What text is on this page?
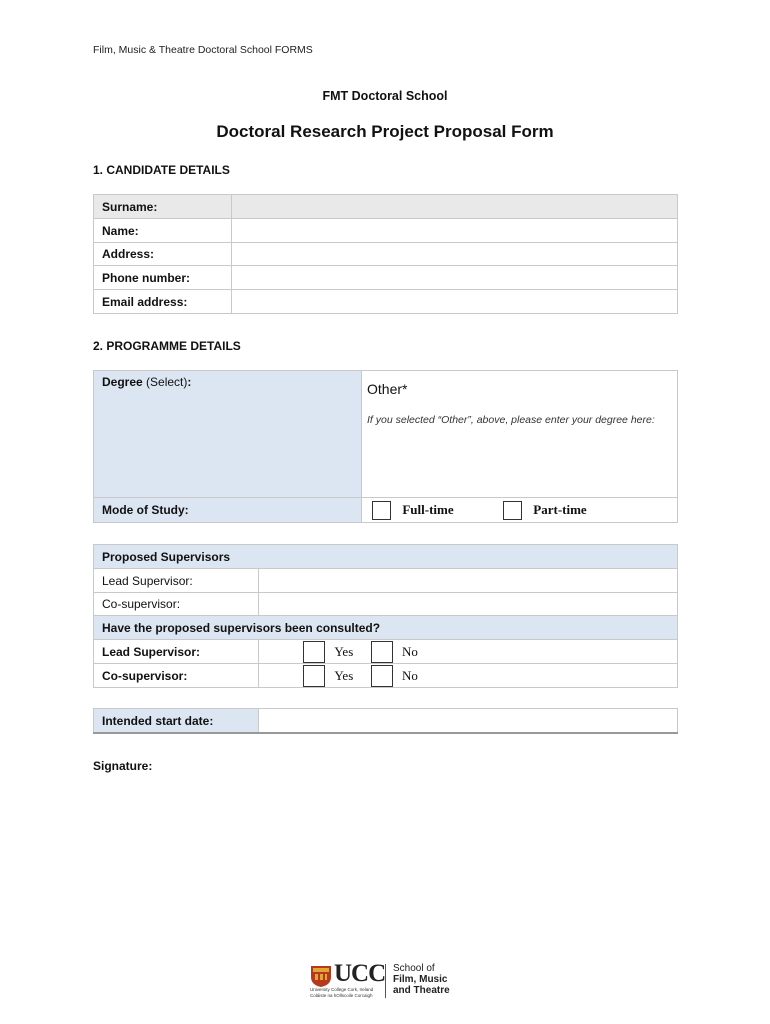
Film, Music & Theatre Doctoral School FORMS
FMT Doctoral School
Doctoral Research Project Proposal Form
1. CANDIDATE DETAILS
Surname:	
Name:	
Address:	
Phone number:	
Email address:	
2. PROGRAMME DETAILS
Degree (Select):	Other*
If you selected “Other”, above, please enter your degree here:

Mode of Study:	Full-time Part-time
Proposed Supervisors	
Lead Supervisor:	
Co-supervisor:	
Have the proposed supervisors been consulted?	
Lead Supervisor:	Yes No
Co-supervisor:	Yes No
Intended start date:	
Signature:
UCC
University College Cork, Ireland
Coláiste na hOllscoile Corcaigh
School of
Film, Music
and Theatre
